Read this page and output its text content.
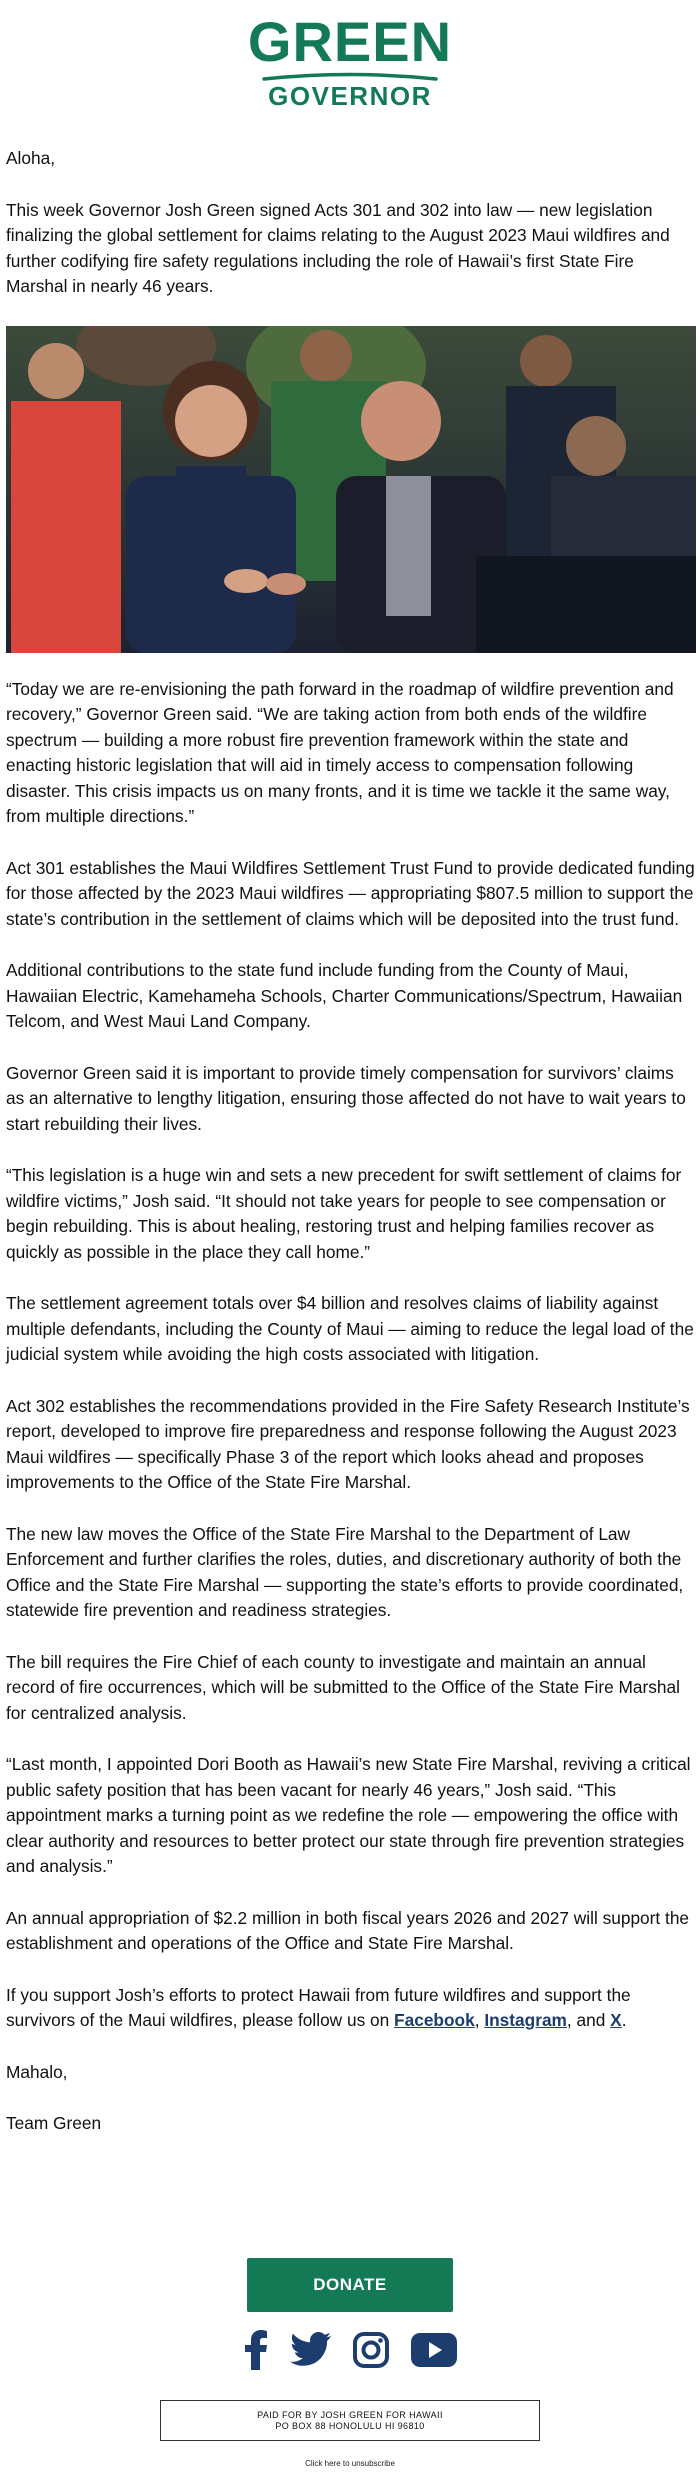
GREEN
GOVERNOR

Aloha,

This week Governor Josh Green signed Acts 301 and 302 into law — new legislation finalizing the global settlement for claims relating to the August 2023 Maui wildfires and further codifying fire safety regulations including the role of Hawaii’s first State Fire Marshal in nearly 46 years.

“Today we are re-envisioning the path forward in the roadmap of wildfire prevention and recovery,” Governor Green said. “We are taking action from both ends of the wildfire spectrum — building a more robust fire prevention framework within the state and enacting historic legislation that will aid in timely access to compensation following disaster. This crisis impacts us on many fronts, and it is time we tackle it the same way, from multiple directions.”

Act 301 establishes the Maui Wildfires Settlement Trust Fund to provide dedicated funding for those affected by the 2023 Maui wildfires — appropriating $807.5 million to support the state’s contribution in the settlement of claims which will be deposited into the trust fund.

Additional contributions to the state fund include funding from the County of Maui, Hawaiian Electric, Kamehameha Schools, Charter Communications/Spectrum, Hawaiian Telcom, and West Maui Land Company.

Governor Green said it is important to provide timely compensation for survivors’ claims as an alternative to lengthy litigation, ensuring those affected do not have to wait years to start rebuilding their lives.

“This legislation is a huge win and sets a new precedent for swift settlement of claims for wildfire victims,” Josh said. “It should not take years for people to see compensation or begin rebuilding. This is about healing, restoring trust and helping families recover as quickly as possible in the place they call home.”

The settlement agreement totals over $4 billion and resolves claims of liability against multiple defendants, including the County of Maui — aiming to reduce the legal load of the judicial system while avoiding the high costs associated with litigation.

Act 302 establishes the recommendations provided in the Fire Safety Research Institute’s report, developed to improve fire preparedness and response following the August 2023 Maui wildfires — specifically Phase 3 of the report which looks ahead and proposes improvements to the Office of the State Fire Marshal.

The new law moves the Office of the State Fire Marshal to the Department of Law Enforcement and further clarifies the roles, duties, and discretionary authority of both the Office and the State Fire Marshal — supporting the state’s efforts to provide coordinated, statewide fire prevention and readiness strategies.

The bill requires the Fire Chief of each county to investigate and maintain an annual record of fire occurrences, which will be submitted to the Office of the State Fire Marshal for centralized analysis.

“Last month, I appointed Dori Booth as Hawaii’s new State Fire Marshal, reviving a critical public safety position that has been vacant for nearly 46 years,” Josh said. “This appointment marks a turning point as we redefine the role — empowering the office with clear authority and resources to better protect our state through fire prevention strategies and analysis.”

An annual appropriation of $2.2 million in both fiscal years 2026 and 2027 will support the establishment and operations of the Office and State Fire Marshal.

If you support Josh’s efforts to protect Hawaii from future wildfires and support the survivors of the Maui wildfires, please follow us on Facebook, Instagram, and X.

Mahalo,

Team Green

DONATE

PAID FOR BY JOSH GREEN FOR HAWAII
PO BOX 88 HONOLULU HI 96810
Click here to unsubscribe
